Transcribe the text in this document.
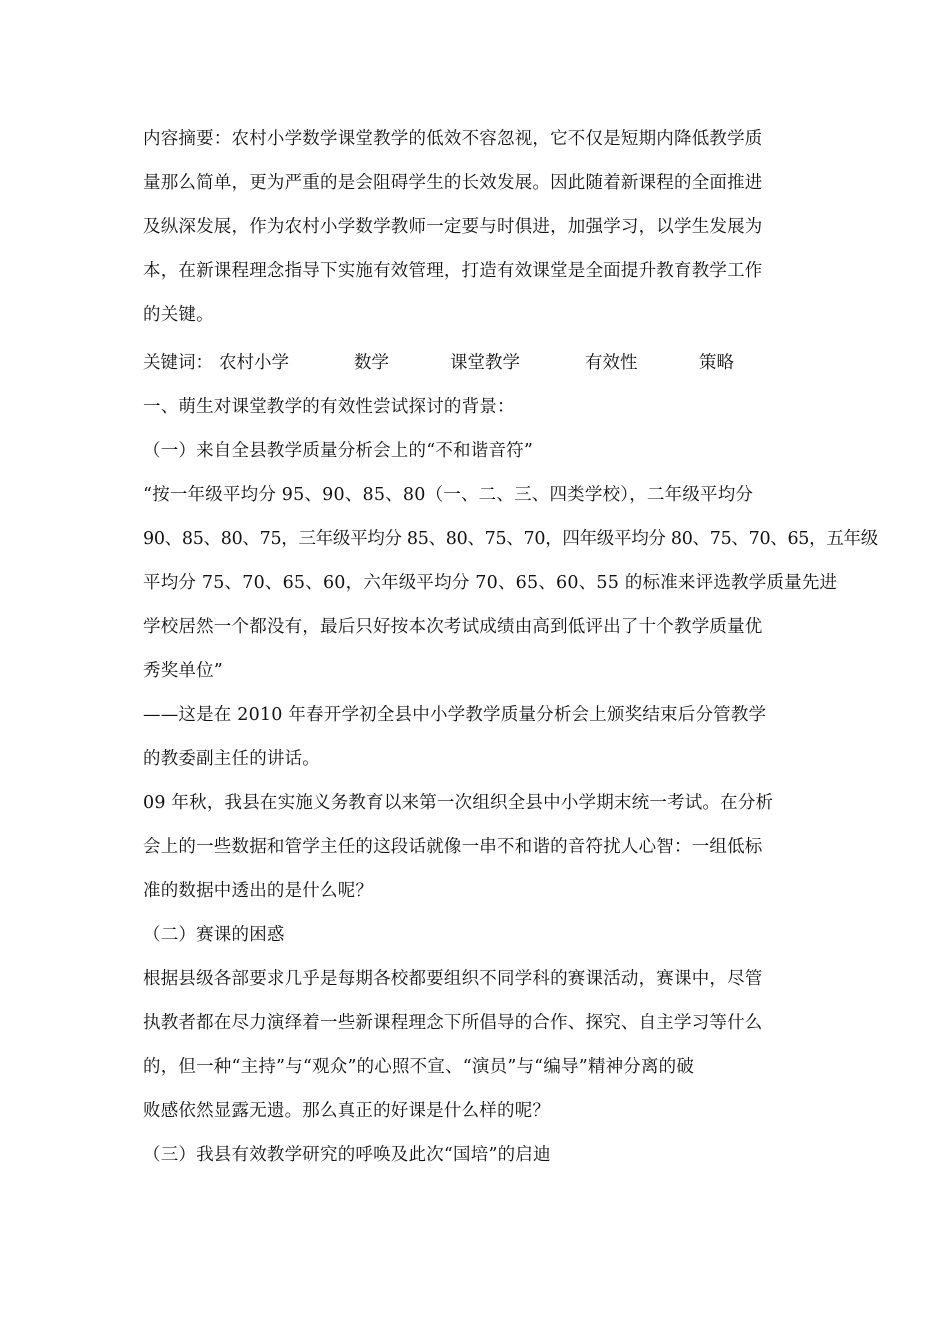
内容摘要：农村小学数学课堂教学的低效不容忽视，它不仅是短期内降低教学质
量那么简单，更为严重的是会阻碍学生的长效发展。因此随着新课程的全面推进
及纵深发展，作为农村小学数学教师一定要与时俱进，加强学习，以学生发展为
本，在新课程理念指导下实施有效管理，打造有效课堂是全面提升教育教学工作
的关键。
关键词： 农村小学	数学	课堂教学	有效性	策略
一、萌生对课堂教学的有效性尝试探讨的背景：
（一）来自全县教学质量分析会上的“不和谐音符”
“按一年级平均分 95、90、85、80（一、二、三、四类学校），二年级平均分
90、85、80、75，三年级平均分 85、80、75、70，四年级平均分 80、75、70、65，五年级
平均分 75、70、65、60，六年级平均分 70、65、60、55 的标准来评选教学质量先进
学校居然一个都没有，最后只好按本次考试成绩由高到低评出了十个教学质量优
秀奖单位”
——这是在 2010 年春开学初全县中小学教学质量分析会上颁奖结束后分管教学
的教委副主任的讲话。
09 年秋，我县在实施义务教育以来第一次组织全县中小学期末统一考试。在分析
会上的一些数据和管学主任的这段话就像一串不和谐的音符扰人心智：一组低标
准的数据中透出的是什么呢？
（二）赛课的困惑
根据县级各部要求几乎是每期各校都要组织不同学科的赛课活动，赛课中，尽管
执教者都在尽力演绎着一些新课程理念下所倡导的合作、探究、自主学习等什么
的，但一种“主持”与“观众”的心照不宣、“演员”与“编导”精神分离的破
败感依然显露无遗。那么真正的好课是什么样的呢？
（三）我县有效教学研究的呼唤及此次“国培”的启迪
